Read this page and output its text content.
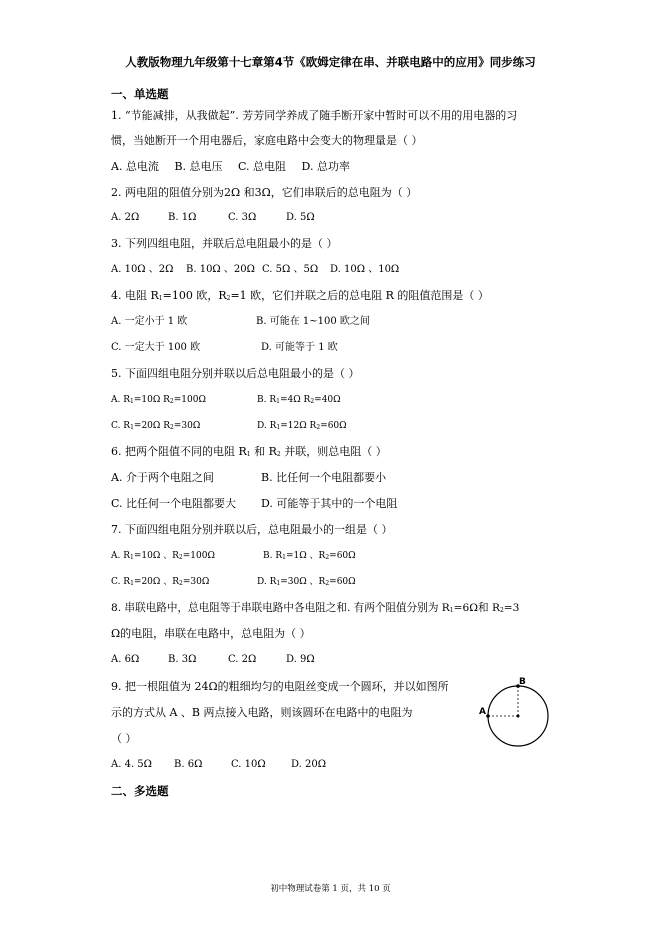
人教版物理九年级第十七章第4节《欧姆定律在串、并联电路中的应用》同步练习
一、单选题
1. “节能减排，从我做起”. 芳芳同学养成了随手断开家中暂时可以不用的用电器的习
惯，当她断开一个用电器后，家庭电路中会变大的物理量是（ ）
A. 总电流 B. 总电压 C. 总电阻 D. 总功率
2. 两电阻的阻值分别为2Ω 和3Ω，它们串联后的总电阻为（ ）
A. 2Ω	B. 1Ω	C. 3Ω	D. 5Ω
3. 下列四组电阻，并联后总电阻最小的是（ ）
A. 10Ω 、2Ω B. 10Ω 、20Ω C. 5Ω 、5Ω D. 10Ω 、10Ω
4. 电阻 $R_1=100$ 欧，$R_2=1$ 欧，它们并联之后的总电阻 R 的阻值范围是（ ）
A. 一定小于 1 欧	B. 可能在 1~100 欧之间
C. 一定大于 100 欧	D. 可能等于 1 欧
5. 下面四组电阻分别并联以后总电阻最小的是（ ）
A. $R_1=10\Omega$ $R_2=100\Omega$	B. $R_1=4\Omega$ $R_2=40\Omega$
C. $R_1=20\Omega$ $R_2=30\Omega$	D. $R_1=12\Omega$ $R_2=60\Omega$
6. 把两个阻值不同的电阻 $R_1$ 和 $R_2$ 并联，则总电阻（ ）
A. 介于两个电阻之间	B. 比任何一个电阻都要小
C. 比任何一个电阻都要大 D. 可能等于其中的一个电阻
7. 下面四组电阻分别并联以后，总电阻最小的一组是（ ）
A. $R_1=10\Omega$ 、$R_2=100\Omega$	B. $R_1=1\Omega$ 、$R_2=60\Omega$
C. $R_1=20\Omega$ 、$R_2=30\Omega$	D. $R_1=30\Omega$ 、$R_2=60\Omega$
8. 串联电路中，总电阻等于串联电路中各电阻之和. 有两个阻值分别为 $R_1=6\Omega$和 $R_2=3$
Ω的电阻，串联在电路中，总电阻为（ ）
A. 6Ω	B. 3Ω	C. 2Ω	D. 9Ω
9. 把一根阻值为 24Ω的粗细均匀的电阻丝变成一个圆环，并以如图所
示的方式从 A 、B 两点接入电路，则该圆环在电路中的电阻为
（ ）
A. 4. 5Ω B. 6Ω	C. 10Ω	D. 20Ω
A
B
二、多选题
初中物理试卷第 1 页，共 10 页
